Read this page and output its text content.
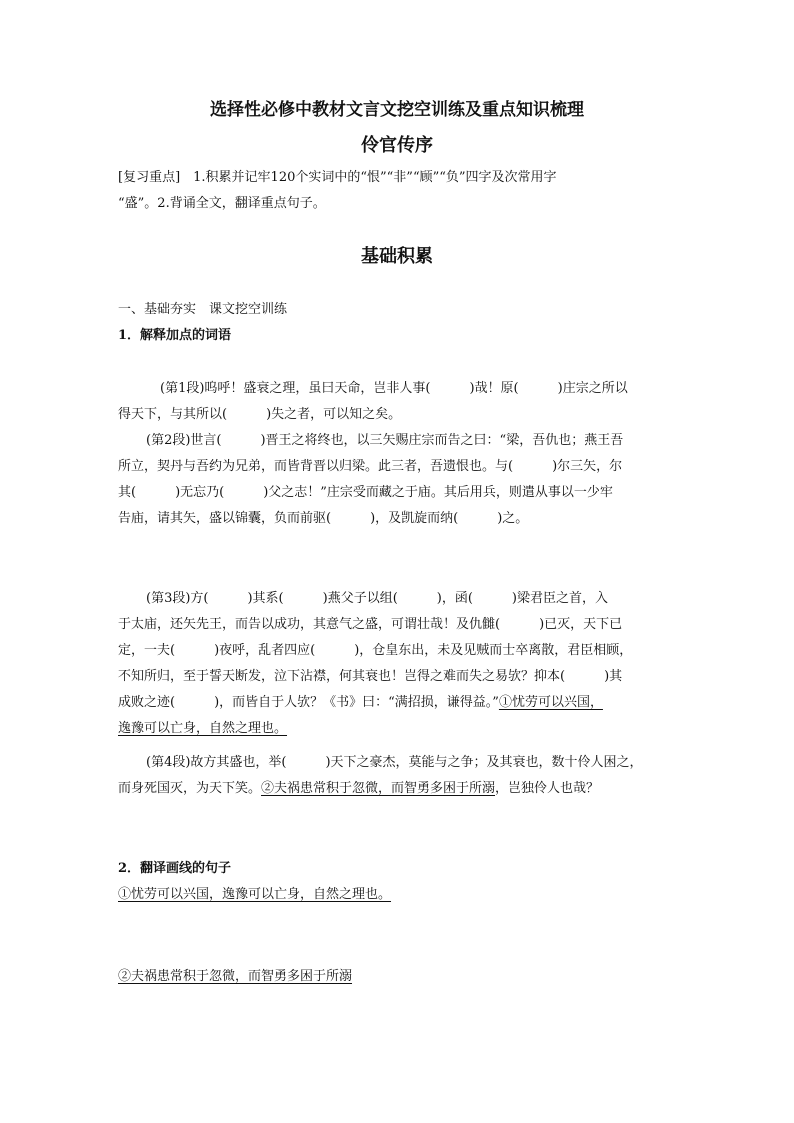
选择性必修中教材文言文挖空训练及重点知识梳理
伶官传序
[复习重点]　1.积累并记牢120个实词中的“恨”“非”“顾”“负”四字及次常用字
“盛”。2.背诵全文，翻译重点句子。
基础积累
一、基础夯实　课文挖空训练
1．解释加点的词语
(第1段)呜呼！盛衰之理，虽曰天命，岂非人事(　　　)哉！原(　　　)庄宗之所以
得天下，与其所以(　　　)失之者，可以知之矣。
(第2段)世言(　　　)晋王之将终也，以三矢赐庄宗而告之曰：“梁，吾仇也；燕王吾
所立，契丹与吾约为兄弟，而皆背晋以归梁。此三者，吾遗恨也。与(　　　)尔三矢，尔
其(　　　)无忘乃(　　　)父之志！”庄宗受而藏之于庙。其后用兵，则遣从事以一少牢
告庙，请其矢，盛以锦囊，负而前驱(　　　)，及凯旋而纳(　　　)之。
(第3段)方(　　　)其系(　　　)燕父子以组(　　　)，函(　　　)梁君臣之首，入
于太庙，还矢先王，而告以成功，其意气之盛，可谓壮哉！及仇雠(　　　)已灭，天下已
定，一夫(　　　)夜呼，乱者四应(　　　)，仓皇东出，未及见贼而士卒离散，君臣相顾，
不知所归，至于誓天断发，泣下沾襟，何其衰也！岂得之难而失之易欤？抑本(　　　)其
成败之迹(　　　)，而皆自于人欤？《书》曰：“满招损，谦得益。”①忧劳可以兴国，
逸豫可以亡身，自然之理也。
(第4段)故方其盛也，举(　　　)天下之豪杰，莫能与之争；及其衰也，数十伶人困之，
而身死国灭，为天下笑。②夫祸患常积于忽微，而智勇多困于所溺，岂独伶人也哉？
2．翻译画线的句子
①忧劳可以兴国，逸豫可以亡身，自然之理也。
②夫祸患常积于忽微，而智勇多困于所溺
